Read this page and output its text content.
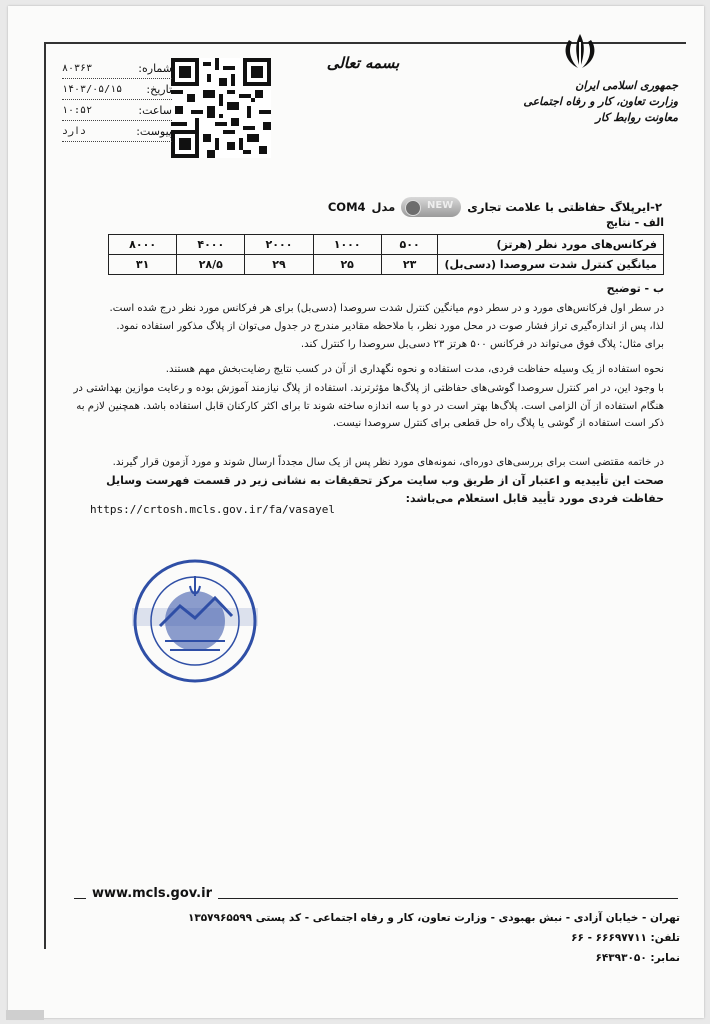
جمهوری اسلامی ایران
وزارت تعاون، کار و رفاه اجتماعی
معاونت روابط کار
بسمه تعالی
شماره:
۸۰۳۶۳
تاریخ:
۱۴۰۳/۰۵/۱۵
ساعت:
۱۰:۵۲
پیوست:
دارد
۲-ایرپلاگ حفاظتی با علامت تجاری
NEW
مدل
COM4
الف - نتایج
فرکانس‌های مورد نظر (هرتز)	۵۰۰	۱۰۰۰	۲۰۰۰	۴۰۰۰	۸۰۰۰
میانگین کنترل شدت سروصدا (دسی‌بل)	۲۳	۲۵	۲۹	۲۸/۵	۳۱
ب - توضیح
در سطر اول فرکانس‌های مورد و در سطر دوم میانگین کنترل شدت سروصدا (دسی‌بل) برای هر فرکانس مورد نظر درج شده است.
لذا، پس از اندازه‌گیری تراز فشار صوت در محل مورد نظر، با ملاحظه مقادیر مندرج در جدول می‌توان از پلاگ مذکور استفاده نمود.
برای مثال: پلاگ فوق می‌تواند در فرکانس ۵۰۰ هرتز ۲۳ دسی‌بل سروصدا را کنترل کند.
نحوه استفاده از یک وسیله حفاظت فردی، مدت استفاده و نحوه نگهداری از آن در کسب نتایج رضایت‌بخش مهم هستند.
با وجود این، در امر کنترل سروصدا گوشی‌های حفاظتی از پلاگ‌ها مؤثرترند. استفاده از پلاگ نیازمند آموزش بوده و رعایت موازین بهداشتی در هنگام استفاده از آن الزامی است. پلاگ‌ها بهتر است در دو یا سه اندازه ساخته شوند تا برای اکثر کارکنان قابل استفاده باشد. همچنین لازم به ذکر است استفاده از گوشی یا پلاگ راه حل قطعی برای کنترل سروصدا نیست.
در خاتمه مقتضی است برای بررسی‌های دوره‌ای، نمونه‌های مورد نظر پس از یک سال مجدداً ارسال شوند و مورد آزمون قرار گیرند.
صحت این تأییدیه و اعتبار آن از طریق وب سایت مرکز تحقیقات به نشانی زیر در قسمت فهرست وسایل حفاظت فردی مورد تأیید قابل استعلام می‌باشد:
https://crtosh.mcls.gov.ir/fa/vasayel
www.mcls.gov.ir
تهران - خیابان آزادی - نبش بهبودی - وزارت تعاون، کار و رفاه اجتماعی - کد پستی ۱۳۵۷۹۶۵۵۹۹ تلفن: ۶۶۶۹۷۷۱۱ - ۶۶
نمابر: ۶۴۳۹۳۰۵۰
